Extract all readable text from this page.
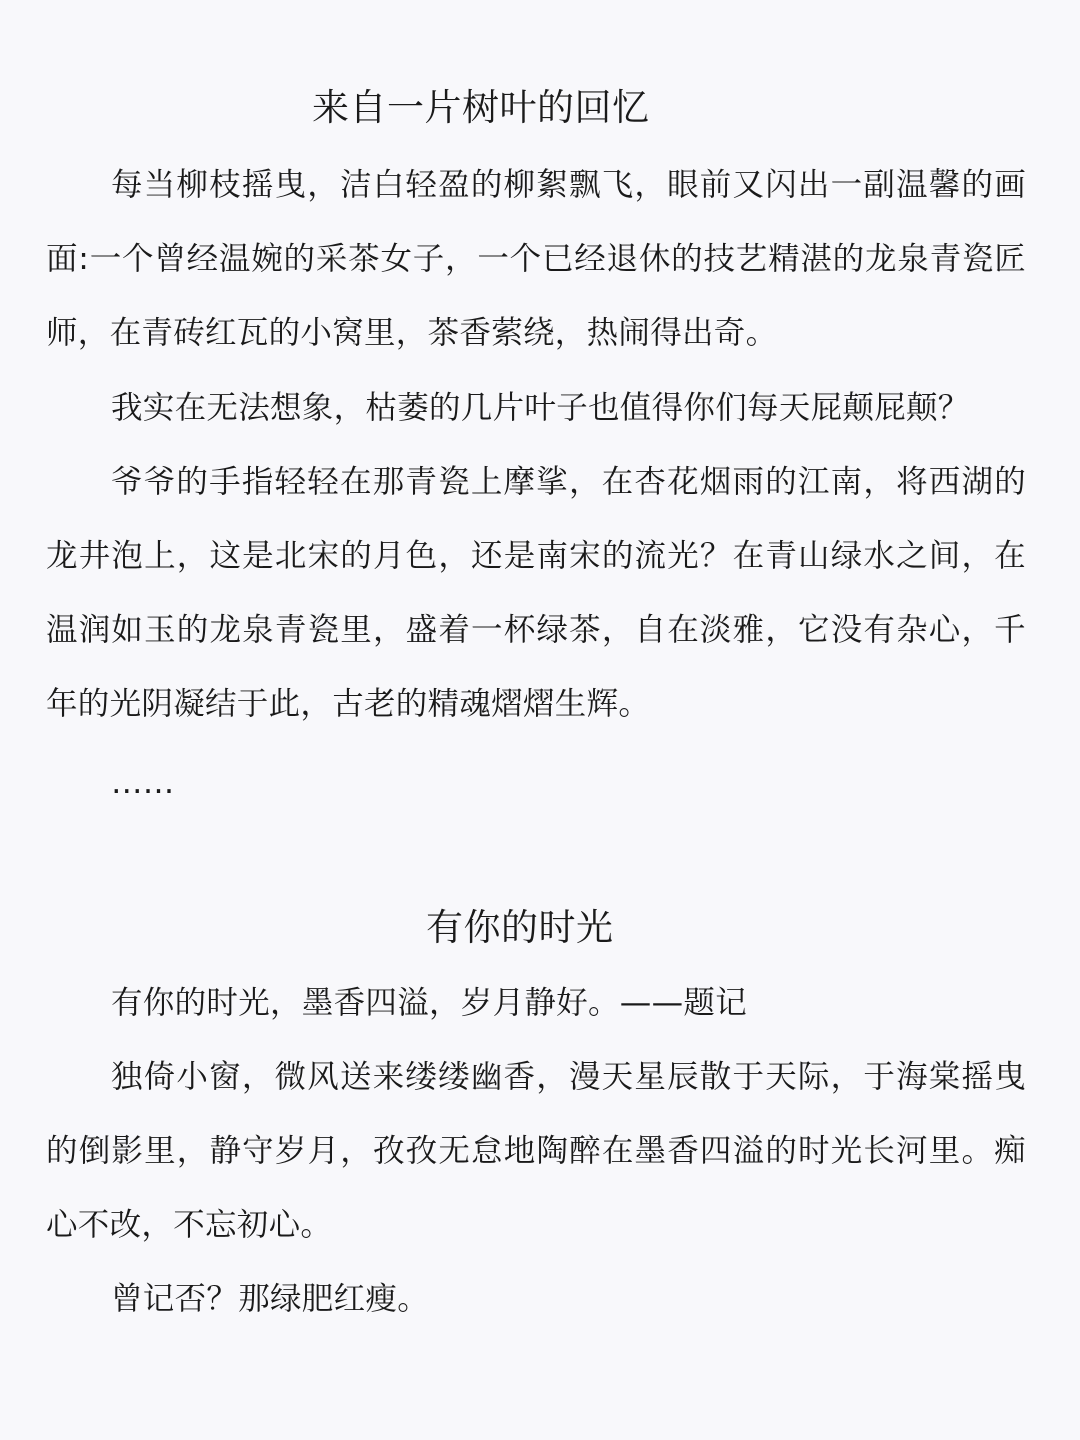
来自一片树叶的回忆
每当柳枝摇曳，洁白轻盈的柳絮飘飞，眼前又闪出一副温馨的画面:一个曾经温婉的采茶女子，一个已经退休的技艺精湛的龙泉青瓷匠师，在青砖红瓦的小窝里，茶香萦绕，热闹得出奇。
我实在无法想象，枯萎的几片叶子也值得你们每天屁颠屁颠？
爷爷的手指轻轻在那青瓷上摩挲，在杏花烟雨的江南，将西湖的龙井泡上，这是北宋的月色，还是南宋的流光？在青山绿水之间，在温润如玉的龙泉青瓷里，盛着一杯绿茶，自在淡雅，它没有杂心，千年的光阴凝结于此，古老的精魂熠熠生辉。
……
有你的时光
有你的时光，墨香四溢，岁月静好。——题记
独倚小窗，微风送来缕缕幽香，漫天星辰散于天际，于海棠摇曳的倒影里，静守岁月，孜孜无怠地陶醉在墨香四溢的时光长河里。痴心不改，不忘初心。
曾记否？那绿肥红瘦。
